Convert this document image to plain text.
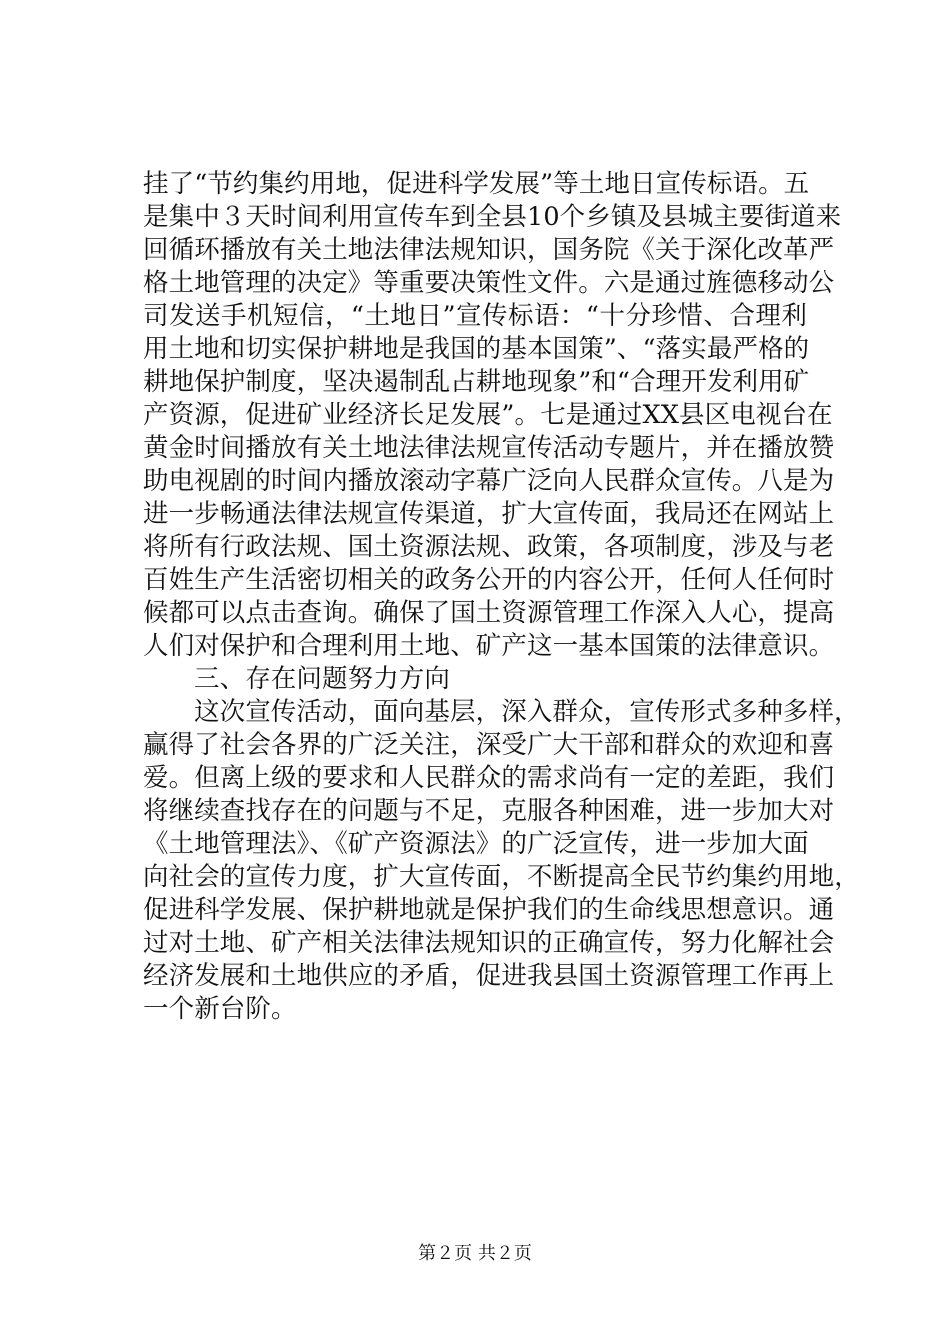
挂了“节约集约用地，促进科学发展”等土地日宣传标语。五
是集中３天时间利用宣传车到全县10个乡镇及县城主要街道来
回循环播放有关土地法律法规知识，国务院《关于深化改革严
格土地管理的决定》等重要决策性文件。六是通过旌德移动公
司发送手机短信，“土地日”宣传标语：“十分珍惜、合理利
用土地和切实保护耕地是我国的基本国策”、“落实最严格的
耕地保护制度，坚决遏制乱占耕地现象”和“合理开发利用矿
产资源，促进矿业经济长足发展”。七是通过XX县区电视台在
黄金时间播放有关土地法律法规宣传活动专题片，并在播放赞
助电视剧的时间内播放滚动字幕广泛向人民群众宣传。八是为
进一步畅通法律法规宣传渠道，扩大宣传面，我局还在网站上
将所有行政法规、国土资源法规、政策，各项制度，涉及与老
百姓生产生活密切相关的政务公开的内容公开，任何人任何时
候都可以点击查询。确保了国土资源管理工作深入人心，提高
人们对保护和合理利用土地、矿产这一基本国策的法律意识。
三、存在问题努力方向
这次宣传活动，面向基层，深入群众，宣传形式多种多样，
赢得了社会各界的广泛关注，深受广大干部和群众的欢迎和喜
爱。但离上级的要求和人民群众的需求尚有一定的差距，我们
将继续查找存在的问题与不足，克服各种困难，进一步加大对
《土地管理法》、《矿产资源法》的广泛宣传，进一步加大面
向社会的宣传力度，扩大宣传面，不断提高全民节约集约用地，
促进科学发展、保护耕地就是保护我们的生命线思想意识。通
过对土地、矿产相关法律法规知识的正确宣传，努力化解社会
经济发展和土地供应的矛盾，促进我县国土资源管理工作再上
一个新台阶。
第２页 共２页
